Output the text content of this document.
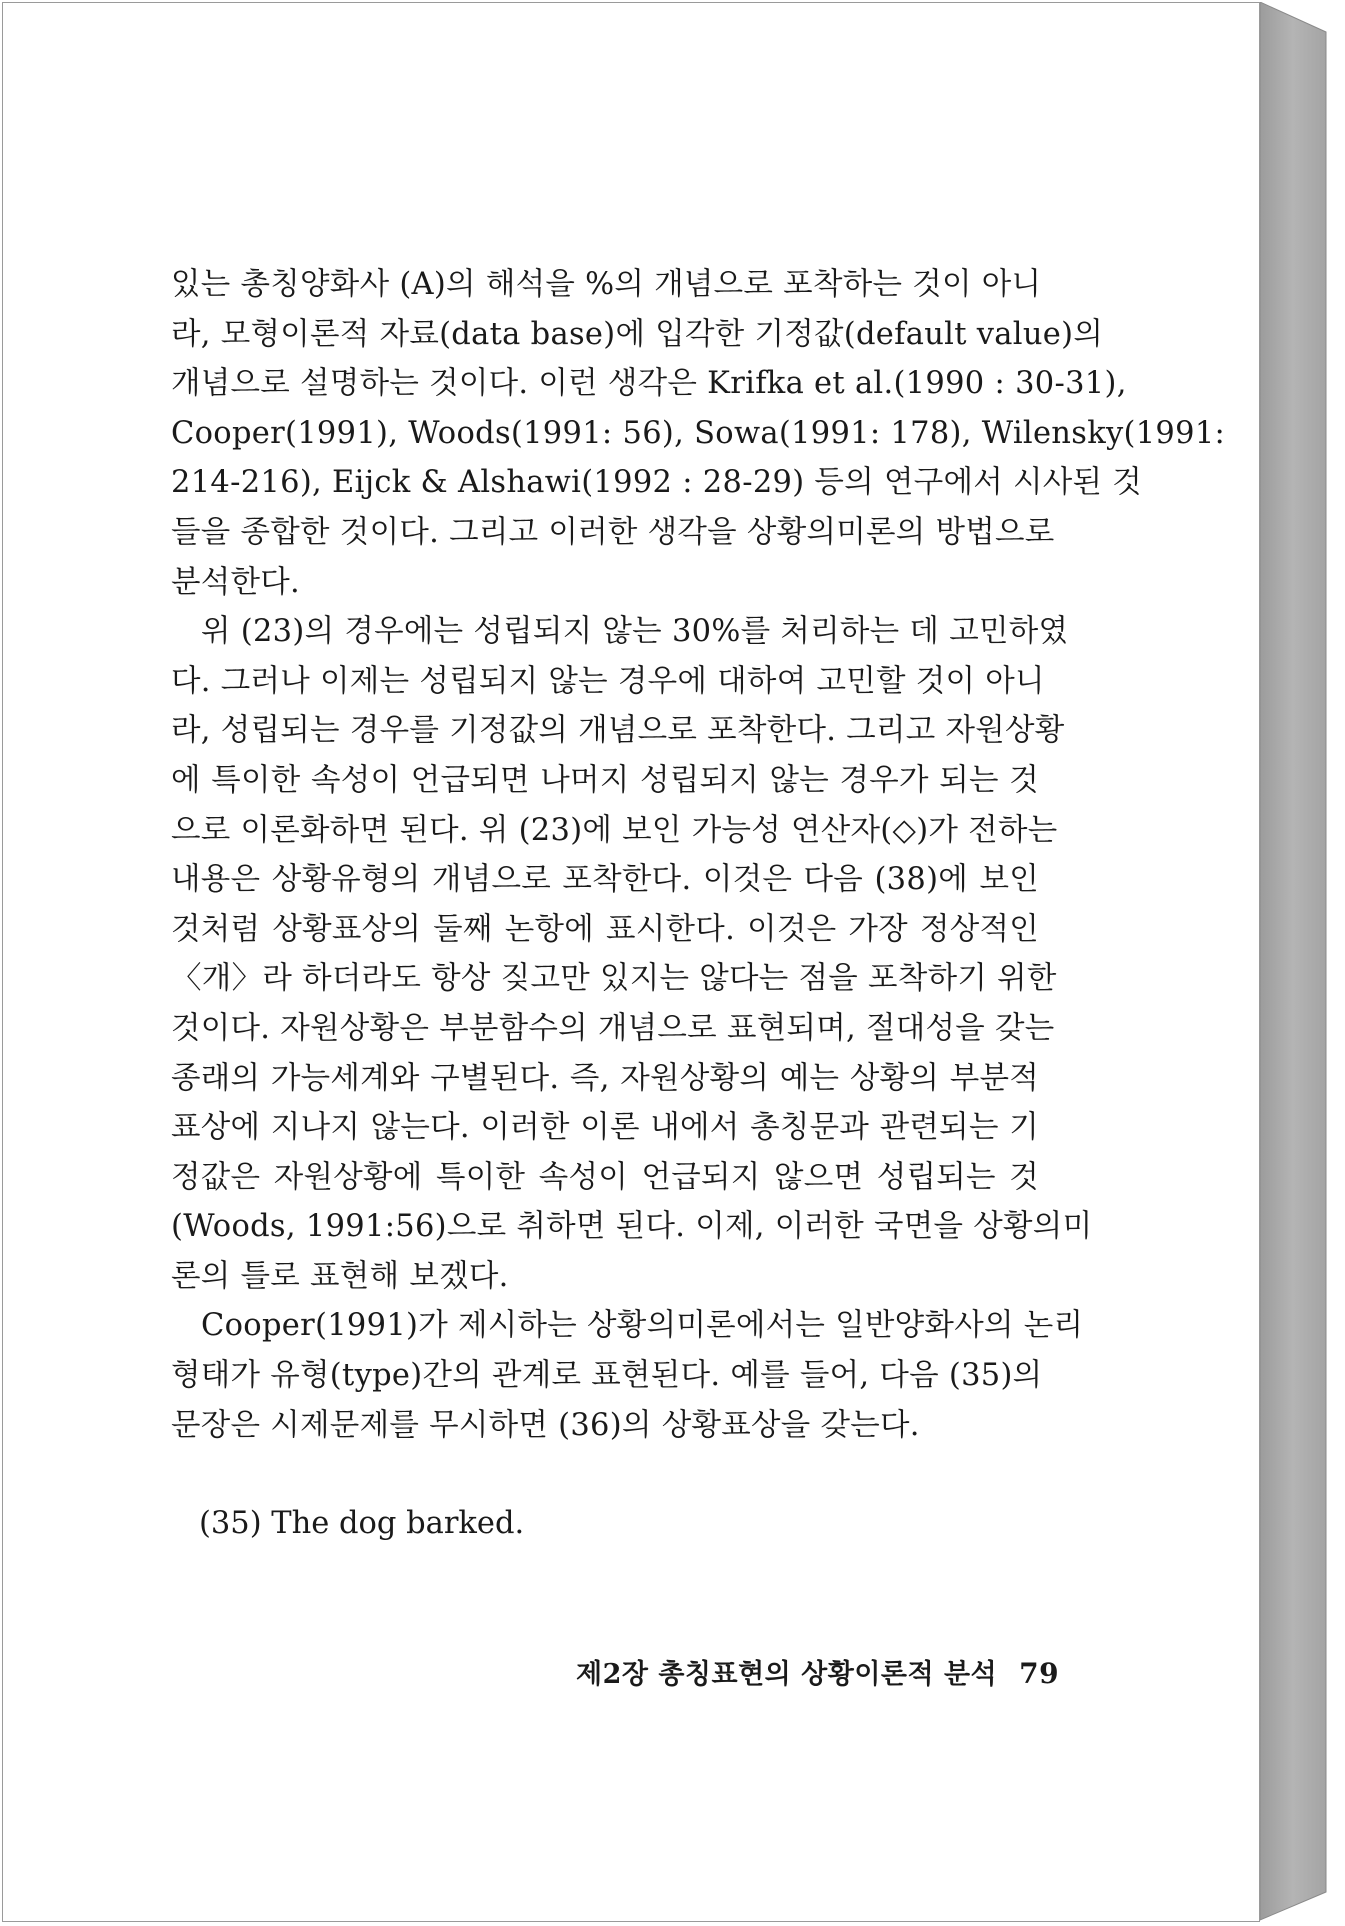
있는 총칭양화사 (A)의 해석을 %의 개념으로 포착하는 것이 아니
라, 모형이론적 자료(data base)에 입각한 기정값(default value)의
개념으로 설명하는 것이다. 이런 생각은 Krifka et al.(1990 : 30-31),
Cooper(1991), Woods(1991: 56), Sowa(1991: 178), Wilensky(1991:
214-216), Eijck & Alshawi(1992 : 28-29) 등의 연구에서 시사된 것
들을 종합한 것이다. 그리고 이러한 생각을 상황의미론의 방법으로
분석한다.

위 (23)의 경우에는 성립되지 않는 30%를 처리하는 데 고민하였
다. 그러나 이제는 성립되지 않는 경우에 대하여 고민할 것이 아니
라, 성립되는 경우를 기정값의 개념으로 포착한다. 그리고 자원상황
에 특이한 속성이 언급되면 나머지 성립되지 않는 경우가 되는 것
으로 이론화하면 된다. 위 (23)에 보인 가능성 연산자(◇)가 전하는
내용은 상황유형의 개념으로 포착한다. 이것은 다음 (38)에 보인
것처럼 상황표상의 둘째 논항에 표시한다. 이것은 가장 정상적인
〈개〉라 하더라도 항상 짖고만 있지는 않다는 점을 포착하기 위한
것이다. 자원상황은 부분함수의 개념으로 표현되며, 절대성을 갖는
종래의 가능세계와 구별된다. 즉, 자원상황의 예는 상황의 부분적
표상에 지나지 않는다. 이러한 이론 내에서 총칭문과 관련되는 기
정값은 자원상황에 특이한 속성이 언급되지 않으면 성립되는 것
(Woods, 1991:56)으로 취하면 된다. 이제, 이러한 국면을 상황의미
론의 틀로 표현해 보겠다.

Cooper(1991)가 제시하는 상황의미론에서는 일반양화사의 논리
형태가 유형(type)간의 관계로 표현된다. 예를 들어, 다음 (35)의
문장은 시제문제를 무시하면 (36)의 상황표상을 갖는다.

(35) The dog barked.
제2장 총칭표현의 상황이론적 분석 79
